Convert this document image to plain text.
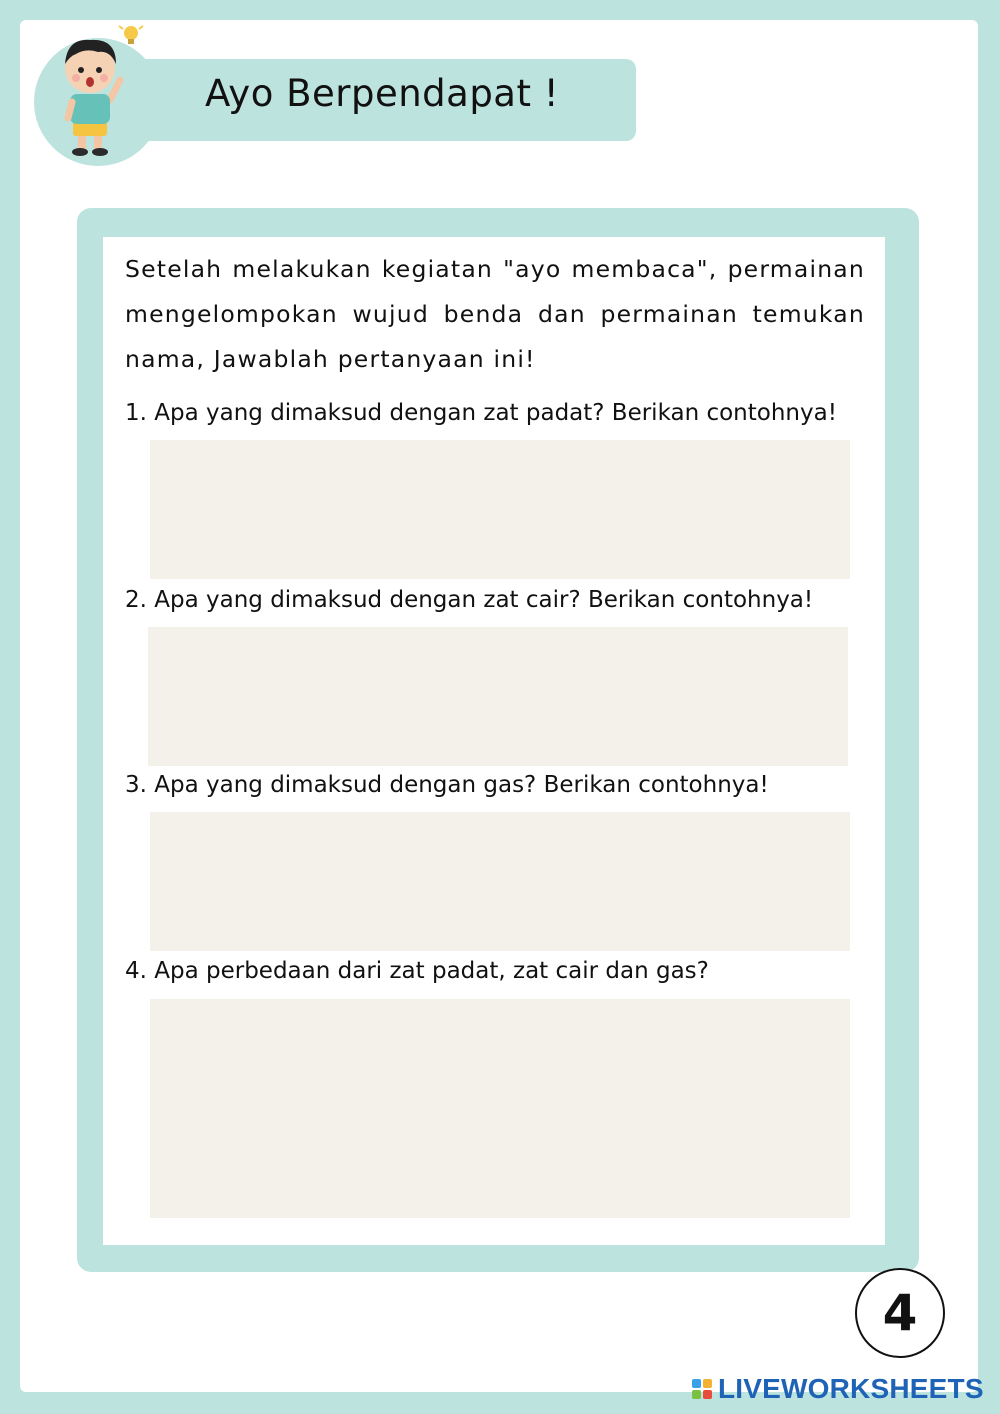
Ayo Berpendapat !
Setelah melakukan kegiatan "ayo membaca", permainan mengelompokan wujud benda dan permainan temukan nama, Jawablah pertanyaan ini!
1. Apa yang dimaksud dengan zat padat? Berikan contohnya!
2. Apa yang dimaksud dengan zat cair? Berikan contohnya!
3. Apa yang dimaksud dengan gas? Berikan contohnya!
4. Apa perbedaan dari zat padat, zat cair dan gas?
4
LIVEWORKSHEETS
